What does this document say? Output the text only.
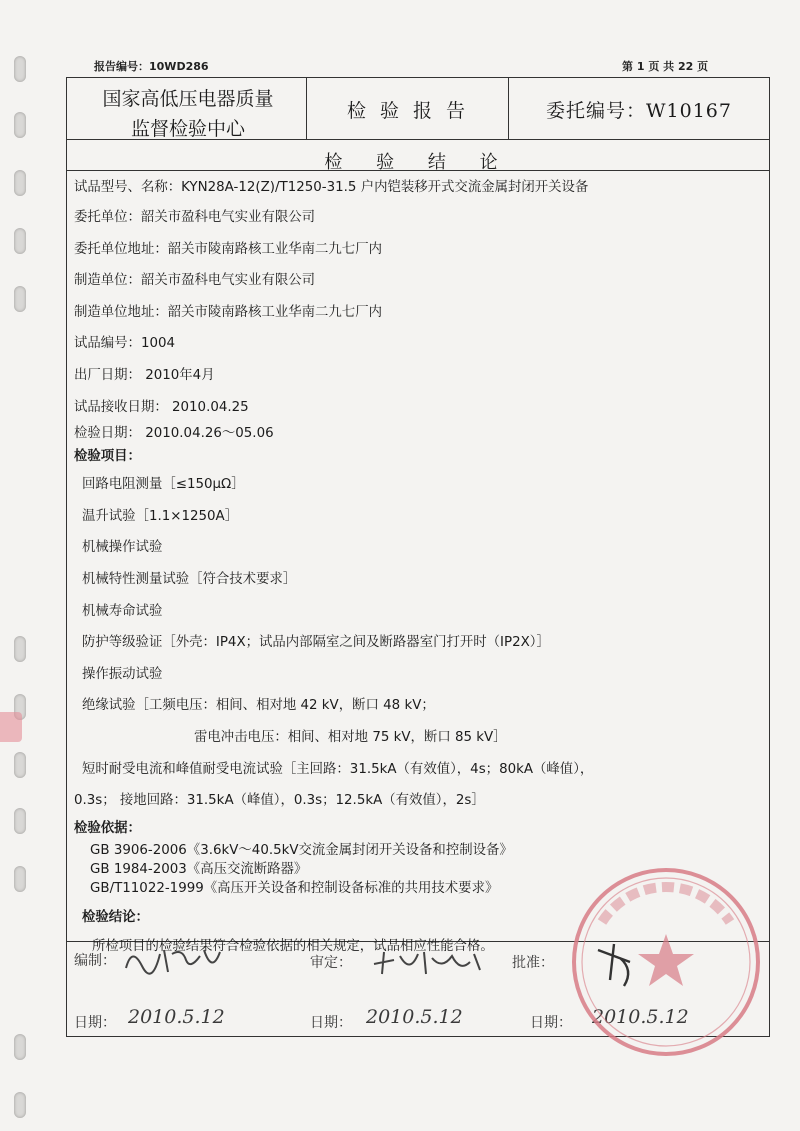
报告编号：10WD286	第 1 页 共 22 页
国家高低压电器质量
监督检验中心
检 验 报 告	委托编号：W10167
检 验 结 论
试品型号、名称：KYN28A-12(Z)/T1250-31.5 户内铠装移开式交流金属封闭开关设备
委托单位：韶关市盈科电气实业有限公司
委托单位地址：韶关市陵南路核工业华南二九七厂内
制造单位：韶关市盈科电气实业有限公司
制造单位地址：韶关市陵南路核工业华南二九七厂内
试品编号：1004
出厂日期： 2010年4月
试品接收日期： 2010.04.25
检验日期： 2010.04.26～05.06
检验项目：
回路电阻测量［≤150μΩ］
温升试验［1.1×1250A］
机械操作试验
机械特性测量试验［符合技术要求］
机械寿命试验
防护等级验证［外壳：IP4X；试品内部隔室之间及断路器室门打开时（IP2X）］
操作振动试验
绝缘试验［工频电压：相间、相对地 42 kV，断口 48 kV；
雷电冲击电压：相间、相对地 75 kV，断口 85 kV］
短时耐受电流和峰值耐受电流试验［主回路：31.5kA（有效值），4s；80kA（峰值），
0.3s； 接地回路：31.5kA（峰值），0.3s；12.5kA（有效值），2s］
检验依据：
GB 3906-2006《3.6kV～40.5kV交流金属封闭开关设备和控制设备》
GB 1984-2003《高压交流断路器》
GB/T11022-1999《高压开关设备和控制设备标准的共用技术要求》
检验结论：
所检项目的检验结果符合检验依据的相关规定，试品相应性能合格。
编制：	审定：	批准：
日期： 2010.5.12	日期： 2010.5.12	日期： 2010.5.12
